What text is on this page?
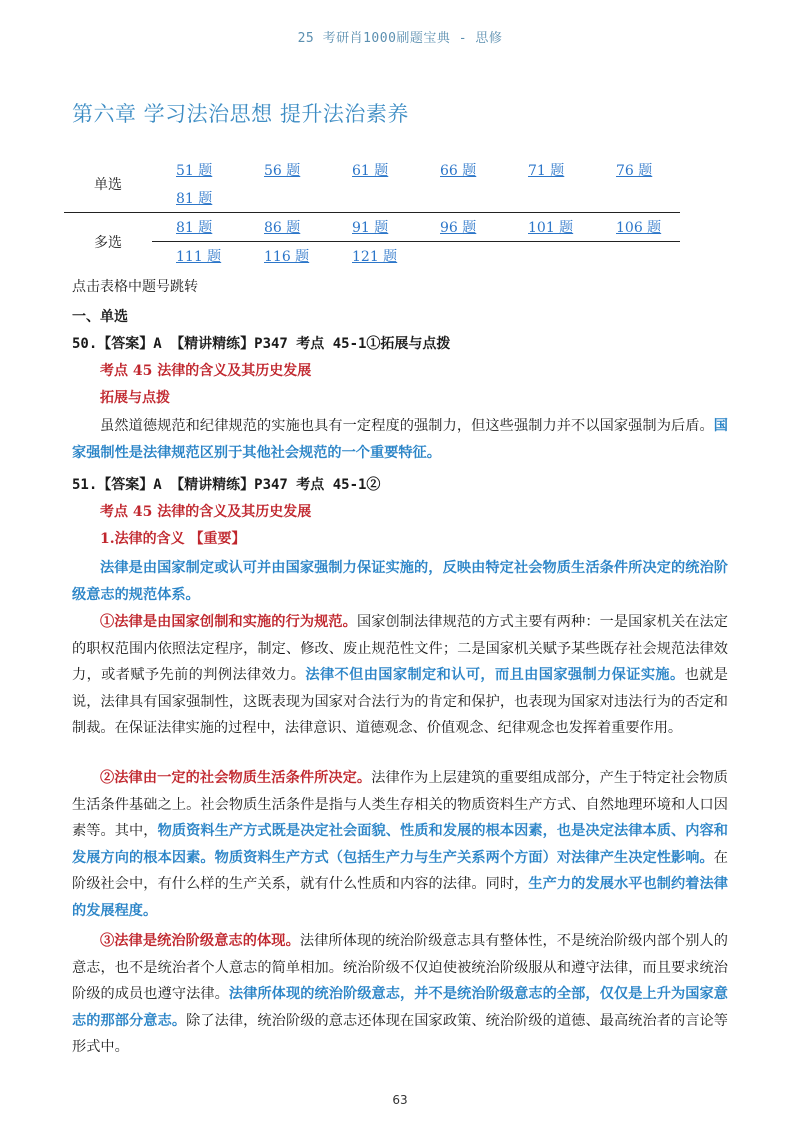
25 考研肖1000刷题宝典 - 思修
第六章 学习法治思想 提升法治素养
单选
51 题	56 题	61 题	66 题	71 题	76 题
81 题
多选
81 题	86 题	91 题	96 题	101 题	106 题
111 题	116 题	121 题
点击表格中题号跳转
一、单选
50.【答案】A 【精讲精练】P347 考点 45-1①拓展与点拨
考点 45 法律的含义及其历史发展
拓展与点拨

虽然道德规范和纪律规范的实施也具有一定程度的强制力，但这些强制力并不以国家强制为后盾。国家强制性是法律规范区别于其他社会规范的一个重要特征。

51.【答案】A 【精讲精练】P347 考点 45-1②
考点 45 法律的含义及其历史发展
1.法律的含义 【重要】

法律是由国家制定或认可并由国家强制力保证实施的，反映由特定社会物质生活条件所决定的统治阶级意志的规范体系。

①法律是由国家创制和实施的行为规范。国家创制法律规范的方式主要有两种：一是国家机关在法定的职权范围内依照法定程序，制定、修改、废止规范性文件；二是国家机关赋予某些既存社会规范法律效力，或者赋予先前的判例法律效力。法律不但由国家制定和认可，而且由国家强制力保证实施。也就是说，法律具有国家强制性，这既表现为国家对合法行为的肯定和保护，也表现为国家对违法行为的否定和制裁。在保证法律实施的过程中，法律意识、道德观念、价值观念、纪律观念也发挥着重要作用。

②法律由一定的社会物质生活条件所决定。法律作为上层建筑的重要组成部分，产生于特定社会物质生活条件基础之上。社会物质生活条件是指与人类生存相关的物质资料生产方式、自然地理环境和人口因素等。其中，物质资料生产方式既是决定社会面貌、性质和发展的根本因素，也是决定法律本质、内容和发展方向的根本因素。物质资料生产方式（包括生产力与生产关系两个方面）对法律产生决定性影响。在阶级社会中，有什么样的生产关系，就有什么性质和内容的法律。同时，生产力的发展水平也制约着法律的发展程度。

③法律是统治阶级意志的体现。法律所体现的统治阶级意志具有整体性，不是统治阶级内部个别人的意志，也不是统治者个人意志的简单相加。统治阶级不仅迫使被统治阶级服从和遵守法律，而且要求统治阶级的成员也遵守法律。法律所体现的统治阶级意志，并不是统治阶级意志的全部，仅仅是上升为国家意志的那部分意志。除了法律，统治阶级的意志还体现在国家政策、统治阶级的道德、最高统治者的言论等形式中。

63
